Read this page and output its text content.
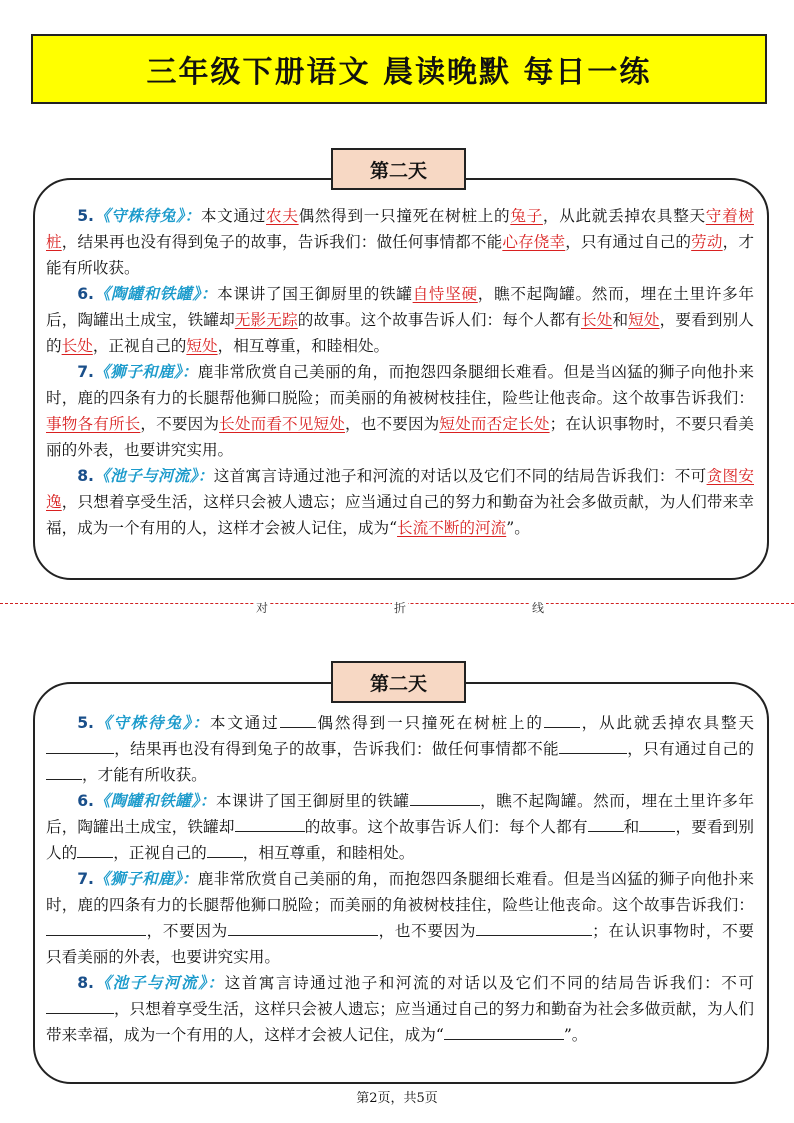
三年级下册语文 晨读晚默 每日一练
第二天

5.《守株待兔》：本文通过农夫偶然得到一只撞死在树桩上的兔子，从此就丢掉农具整天守着树桩，结果再也没有得到兔子的故事，告诉我们：做任何事情都不能心存侥幸，只有通过自己的劳动，才能有所收获。

6.《陶罐和铁罐》：本课讲了国王御厨里的铁罐自恃坚硬，瞧不起陶罐。然而，埋在土里许多年后，陶罐出土成宝，铁罐却无影无踪的故事。这个故事告诉人们：每个人都有长处和短处，要看到别人的长处，正视自己的短处，相互尊重，和睦相处。

7.《狮子和鹿》：鹿非常欣赏自己美丽的角，而抱怨四条腿细长难看。但是当凶猛的狮子向他扑来时，鹿的四条有力的长腿帮他狮口脱险；而美丽的角被树枝挂住，险些让他丧命。这个故事告诉我们：事物各有所长，不要因为长处而看不见短处，也不要因为短处而否定长处；在认识事物时，不要只看美丽的外表，也要讲究实用。

8.《池子与河流》：这首寓言诗通过池子和河流的对话以及它们不同的结局告诉我们：不可贪图安逸，只想着享受生活，这样只会被人遗忘；应当通过自己的努力和勤奋为社会多做贡献，为人们带来幸福，成为一个有用的人，这样才会被人记住，成为“长流不断的河流”。

对	折	线
第二天

5.《守株待兔》：本文通过 偶然得到一只撞死在树桩上的 ，从此就丢掉农具整天，结果再也没有得到兔子的故事，告诉我们：做任何事情都不能	，只有通过自己的，才能有所收获。

6.《陶罐和铁罐》：本课讲了国王御厨里的铁罐	，瞧不起陶罐。然而，埋在土里许多年后，陶罐出土成宝，铁罐却	的故事。这个故事告诉人们：每个人都有 和 ，要看到别人的 ，正视自己的 ，相互尊重，和睦相处。

7.《狮子和鹿》：鹿非常欣赏自己美丽的角，而抱怨四条腿细长难看。但是当凶猛的狮子向他扑来时，鹿的四条有力的长腿帮他狮口脱险；而美丽的角被树枝挂住，险些让他丧命。这个故事告诉我们：，不要因为	，也不要因为	；在认识事物时，不要只看美丽的外表，也要讲究实用。

8.《池子与河流》：这首寓言诗通过池子和河流的对话以及它们不同的结局告诉我们：不可，只想着享受生活，这样只会被人遗忘；应当通过自己的努力和勤奋为社会多做贡献，为人们带来幸福，成为一个有用的人，这样才会被人记住，成为“	”。

第2页，共5页
